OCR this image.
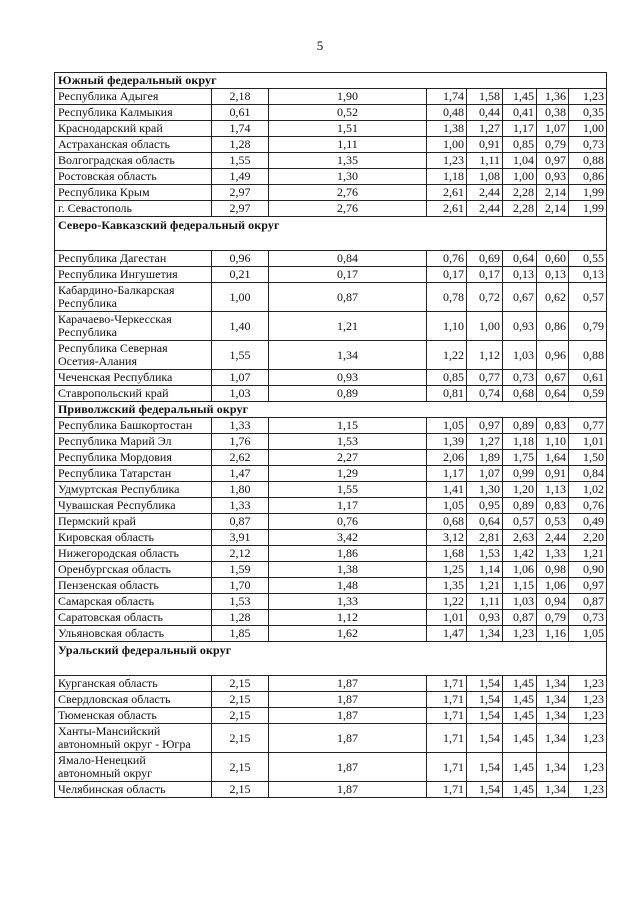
5
Южный федеральный округ							
Республика Адыгея	2,18	1,90	1,74	1,58	1,45	1,36	1,23
Республика Калмыкия	0,61	0,52	0,48	0,44	0,41	0,38	0,35
Краснодарский край	1,74	1,51	1,38	1,27	1,17	1,07	1,00
Астраханская область	1,28	1,11	1,00	0,91	0,85	0,79	0,73
Волгоградская область	1,55	1,35	1,23	1,11	1,04	0,97	0,88
Ростовская область	1,49	1,30	1,18	1,08	1,00	0,93	0,86
Республика Крым	2,97	2,76	2,61	2,44	2,28	2,14	1,99
г. Севастополь	2,97	2,76	2,61	2,44	2,28	2,14	1,99
Северо-Кавказский федеральный округ							
Республика Дагестан	0,96	0,84	0,76	0,69	0,64	0,60	0,55
Республика Ингушетия	0,21	0,17	0,17	0,17	0,13	0,13	0,13
Кабардино-Балкарская Республика	1,00	0,87	0,78	0,72	0,67	0,62	0,57
Карачаево-Черкесская Республика	1,40	1,21	1,10	1,00	0,93	0,86	0,79
Республика Северная Осетия-Алания	1,55	1,34	1,22	1,12	1,03	0,96	0,88
Чеченская Республика	1,07	0,93	0,85	0,77	0,73	0,67	0,61
Ставропольский край	1,03	0,89	0,81	0,74	0,68	0,64	0,59
Приволжский федеральный округ							
Республика Башкортостан	1,33	1,15	1,05	0,97	0,89	0,83	0,77
Республика Марий Эл	1,76	1,53	1,39	1,27	1,18	1,10	1,01
Республика Мордовия	2,62	2,27	2,06	1,89	1,75	1,64	1,50
Республика Татарстан	1,47	1,29	1,17	1,07	0,99	0,91	0,84
Удмуртская Республика	1,80	1,55	1,41	1,30	1,20	1,13	1,02
Чувашская Республика	1,33	1,17	1,05	0,95	0,89	0,83	0,76
Пермский край	0,87	0,76	0,68	0,64	0,57	0,53	0,49
Кировская область	3,91	3,42	3,12	2,81	2,63	2,44	2,20
Нижегородская область	2,12	1,86	1,68	1,53	1,42	1,33	1,21
Оренбургская область	1,59	1,38	1,25	1,14	1,06	0,98	0,90
Пензенская область	1,70	1,48	1,35	1,21	1,15	1,06	0,97
Самарская область	1,53	1,33	1,22	1,11	1,03	0,94	0,87
Саратовская область	1,28	1,12	1,01	0,93	0,87	0,79	0,73
Ульяновская область	1,85	1,62	1,47	1,34	1,23	1,16	1,05
Уральский федеральный округ							
Курганская область	2,15	1,87	1,71	1,54	1,45	1,34	1,23
Свердловская область	2,15	1,87	1,71	1,54	1,45	1,34	1,23
Тюменская область	2,15	1,87	1,71	1,54	1,45	1,34	1,23
Ханты-Мансийский автономный округ - Югра	2,15	1,87	1,71	1,54	1,45	1,34	1,23
Ямало-Ненецкий автономный округ	2,15	1,87	1,71	1,54	1,45	1,34	1,23
Челябинская область	2,15	1,87	1,71	1,54	1,45	1,34	1,23
